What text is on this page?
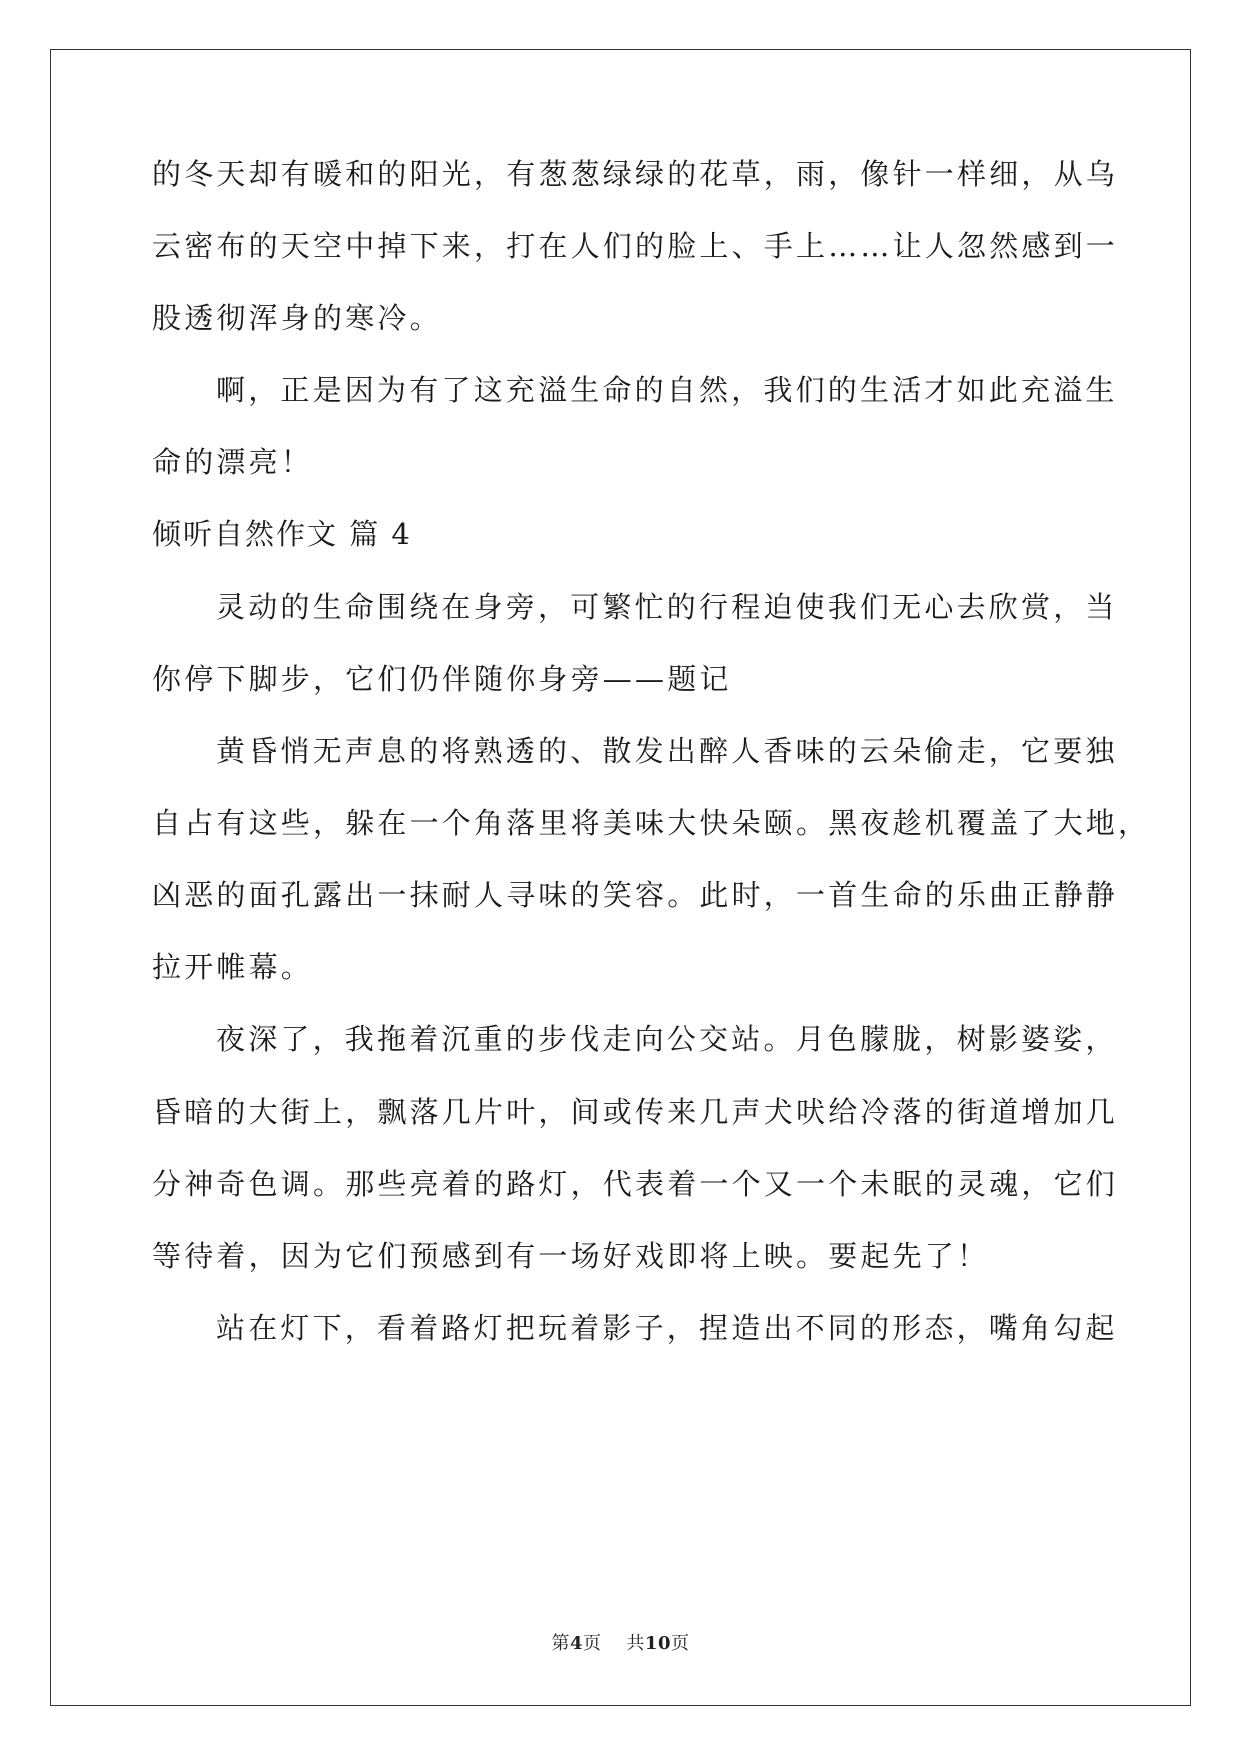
的冬天却有暖和的阳光，有葱葱绿绿的花草，雨，像针一样细，从乌
云密布的天空中掉下来，打在人们的脸上、手上……让人忽然感到一
股透彻浑身的寒冷。
啊，正是因为有了这充溢生命的自然，我们的生活才如此充溢生
命的漂亮！
倾听自然作文 篇 4
灵动的生命围绕在身旁，可繁忙的行程迫使我们无心去欣赏，当
你停下脚步，它们仍伴随你身旁——题记
黄昏悄无声息的将熟透的、散发出醉人香味的云朵偷走，它要独
自占有这些，躲在一个角落里将美味大快朵颐。黑夜趁机覆盖了大地，
凶恶的面孔露出一抹耐人寻味的笑容。此时，一首生命的乐曲正静静
拉开帷幕。
夜深了，我拖着沉重的步伐走向公交站。月色朦胧，树影婆娑，
昏暗的大街上，飘落几片叶，间或传来几声犬吠给冷落的街道增加几
分神奇色调。那些亮着的路灯，代表着一个又一个未眠的灵魂，它们
等待着，因为它们预感到有一场好戏即将上映。要起先了！
站在灯下，看着路灯把玩着影子，捏造出不同的形态，嘴角勾起
第4页    共10页
